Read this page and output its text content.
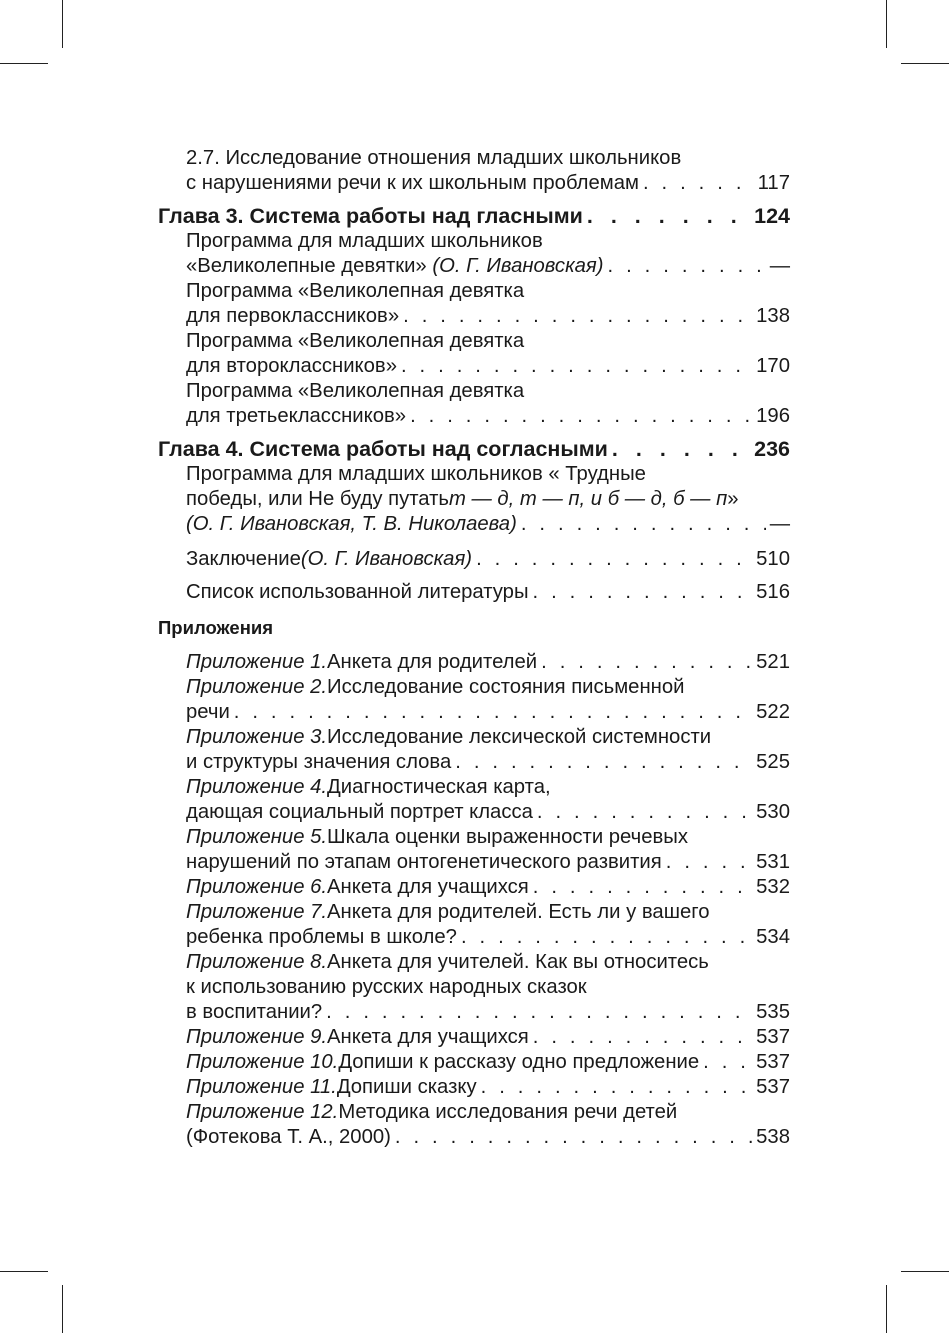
2.7. Исследование отношения младших школьников
с нарушениями речи к их школьным проблемам . . .	117
Глава 3. Система работы над гласными . . .	124
Программа для младших школьников
«Великолепные девятки»
(О. Г. Ивановская) . . .	—
Программа «Великолепная девятка
для первоклассников» . . .	138
Программа «Великолепная девятка
для второклассников» . . .	170
Программа «Великолепная девятка
для третьеклассников» . . .	196
Глава 4. Система работы над согласными . . .	236
Программа для младших школьников « Трудные
победы, или Не буду путать т — д, т — п, и б — д, б — п »
(О. Г. Ивановская, Т. В. Николаева) . . .	—
Заключение (О. Г. Ивановская) . . .	510
Список использованной литературы . . .	516
Приложения
Приложение 1. Анкета для родителей . . .	521
Приложение 2. Исследование состояния письменной
речи . . .	522
Приложение 3. Исследование лексической системности
и структуры значения слова . . .	525
Приложение 4. Диагностическая карта,
дающая социальный портрет класса . . .	530
Приложение 5. Шкала оценки выраженности речевых
нарушений по этапам онтогенетического развития . . .	531
Приложение 6. Анкета для учащихся . . .	532
Приложение 7. Анкета для родителей. Есть ли у вашего
ребенка проблемы в школе? . . .	534
Приложение 8. Анкета для учителей. Как вы относитесь
к использованию русских народных сказок
в воспитании? . . .	535
Приложение 9. Анкета для учащихся . . .	537
Приложение 10. Допиши к рассказу одно предложение . . .	537
Приложение 11. Допиши сказку . . .	537
Приложение 12. Методика исследования речи детей
(Фотекова Т. А., 2000) . . .	538
